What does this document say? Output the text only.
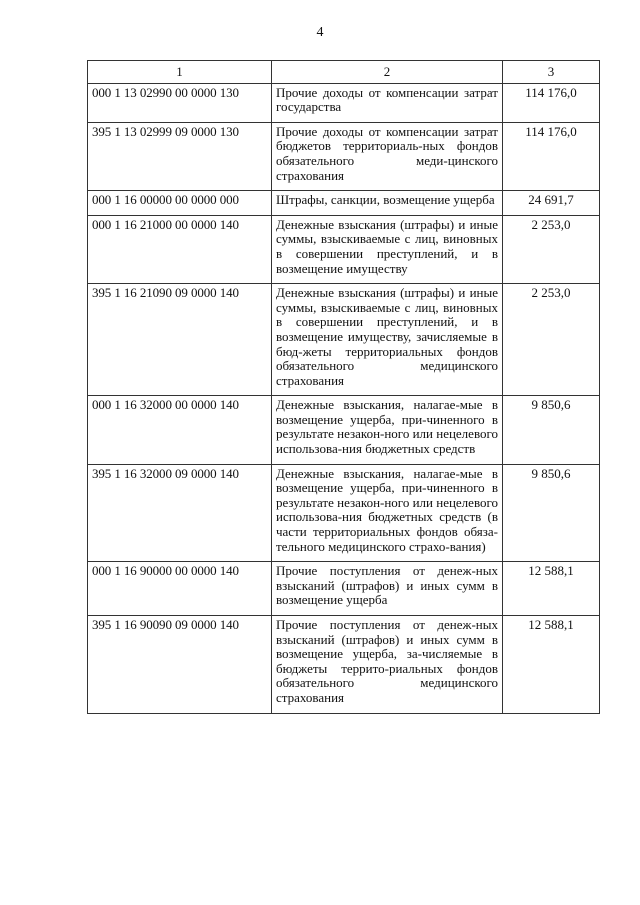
4
1	2	3
000 1 13 02990 00 0000 130	Прочие доходы от компенсации затрат государства	114 176,0
395 1 13 02999 09 0000 130	Прочие доходы от компенсации затрат бюджетов территориаль-ных фондов обязательного меди-цинского страхования	114 176,0
000 1 16 00000 00 0000 000	Штрафы, санкции, возмещение ущерба	24 691,7
000 1 16 21000 00 0000 140	Денежные взыскания (штрафы) и иные суммы, взыскиваемые с лиц, виновных в совершении преступлений, и в возмещение имуществу	2 253,0
395 1 16 21090 09 0000 140	Денежные взыскания (штрафы) и иные суммы, взыскиваемые с лиц, виновных в совершении преступлений, и в возмещение имуществу, зачисляемые в бюд-жеты территориальных фондов обязательного медицинского страхования	2 253,0
000 1 16 32000 00 0000 140	Денежные взыскания, налагае-мые в возмещение ущерба, при-чиненного в результате незакон-ного или нецелевого использова-ния бюджетных средств	9 850,6
395 1 16 32000 09 0000 140	Денежные взыскания, налагае-мые в возмещение ущерба, при-чиненного в результате незакон-ного или нецелевого использова-ния бюджетных средств (в части территориальных фондов обяза-тельного медицинского страхо-вания)	9 850,6
000 1 16 90000 00 0000 140	Прочие поступления от денеж-ных взысканий (штрафов) и иных сумм в возмещение ущерба	12 588,1
395 1 16 90090 09 0000 140	Прочие поступления от денеж-ных взысканий (штрафов) и иных сумм в возмещение ущерба, за-числяемые в бюджеты террито-риальных фондов обязательного медицинского страхования	12 588,1
